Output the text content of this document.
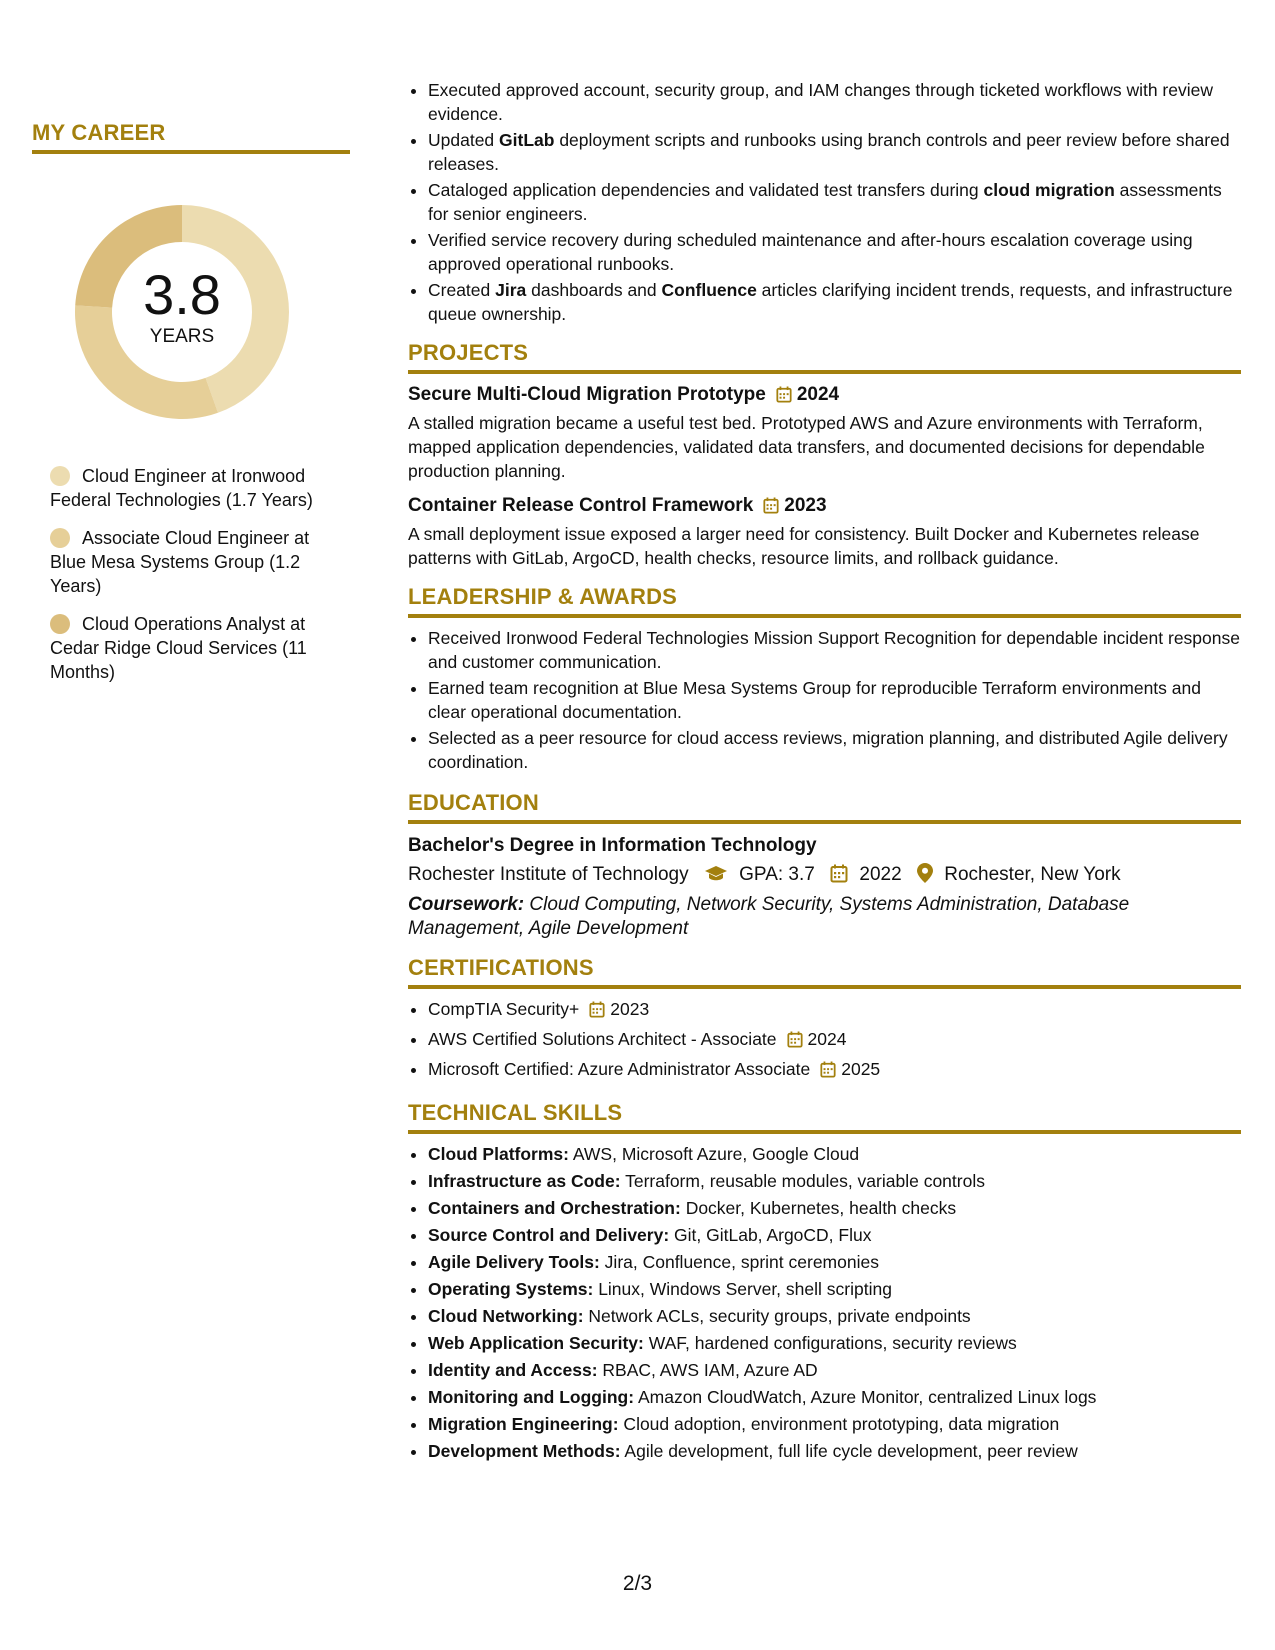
MY CAREER
3.8
YEARS
Cloud Engineer at Ironwood Federal Technologies (1.7 Years)
Associate Cloud Engineer at Blue Mesa Systems Group (1.2 Years)
Cloud Operations Analyst at Cedar Ridge Cloud Services (11 Months)
• Executed approved account, security group, and IAM changes through ticketed workflows with review evidence.
• Updated GitLab deployment scripts and runbooks using branch controls and peer review before shared releases.
• Cataloged application dependencies and validated test transfers during cloud migration assessments for senior engineers.
• Verified service recovery during scheduled maintenance and after-hours escalation coverage using approved operational runbooks.
• Created Jira dashboards and Confluence articles clarifying incident trends, requests, and infrastructure queue ownership.
PROJECTS
Secure Multi-Cloud Migration Prototype 2024
A stalled migration became a useful test bed. Prototyped AWS and Azure environments with Terraform, mapped application dependencies, validated data transfers, and documented decisions for dependable production planning.
Container Release Control Framework 2023
A small deployment issue exposed a larger need for consistency. Built Docker and Kubernetes release patterns with GitLab, ArgoCD, health checks, resource limits, and rollback guidance.
LEADERSHIP & AWARDS
• Received Ironwood Federal Technologies Mission Support Recognition for dependable incident response and customer communication.
• Earned team recognition at Blue Mesa Systems Group for reproducible Terraform environments and clear operational documentation.
• Selected as a peer resource for cloud access reviews, migration planning, and distributed Agile delivery coordination.
EDUCATION
Bachelor's Degree in Information Technology
Rochester Institute of Technology	GPA: 3.7 2022 Rochester, New York
Coursework: Cloud Computing, Network Security, Systems Administration, Database Management, Agile Development
CERTIFICATIONS
• CompTIA Security+ 2023
• AWS Certified Solutions Architect - Associate 2024
• Microsoft Certified: Azure Administrator Associate 2025
TECHNICAL SKILLS
• Cloud Platforms: AWS, Microsoft Azure, Google Cloud
• Infrastructure as Code: Terraform, reusable modules, variable controls
• Containers and Orchestration: Docker, Kubernetes, health checks
• Source Control and Delivery: Git, GitLab, ArgoCD, Flux
• Agile Delivery Tools: Jira, Confluence, sprint ceremonies
• Operating Systems: Linux, Windows Server, shell scripting
• Cloud Networking: Network ACLs, security groups, private endpoints
• Web Application Security: WAF, hardened configurations, security reviews
• Identity and Access: RBAC, AWS IAM, Azure AD
• Monitoring and Logging: Amazon CloudWatch, Azure Monitor, centralized Linux logs
• Migration Engineering: Cloud adoption, environment prototyping, data migration
• Development Methods: Agile development, full life cycle development, peer review
2/3
